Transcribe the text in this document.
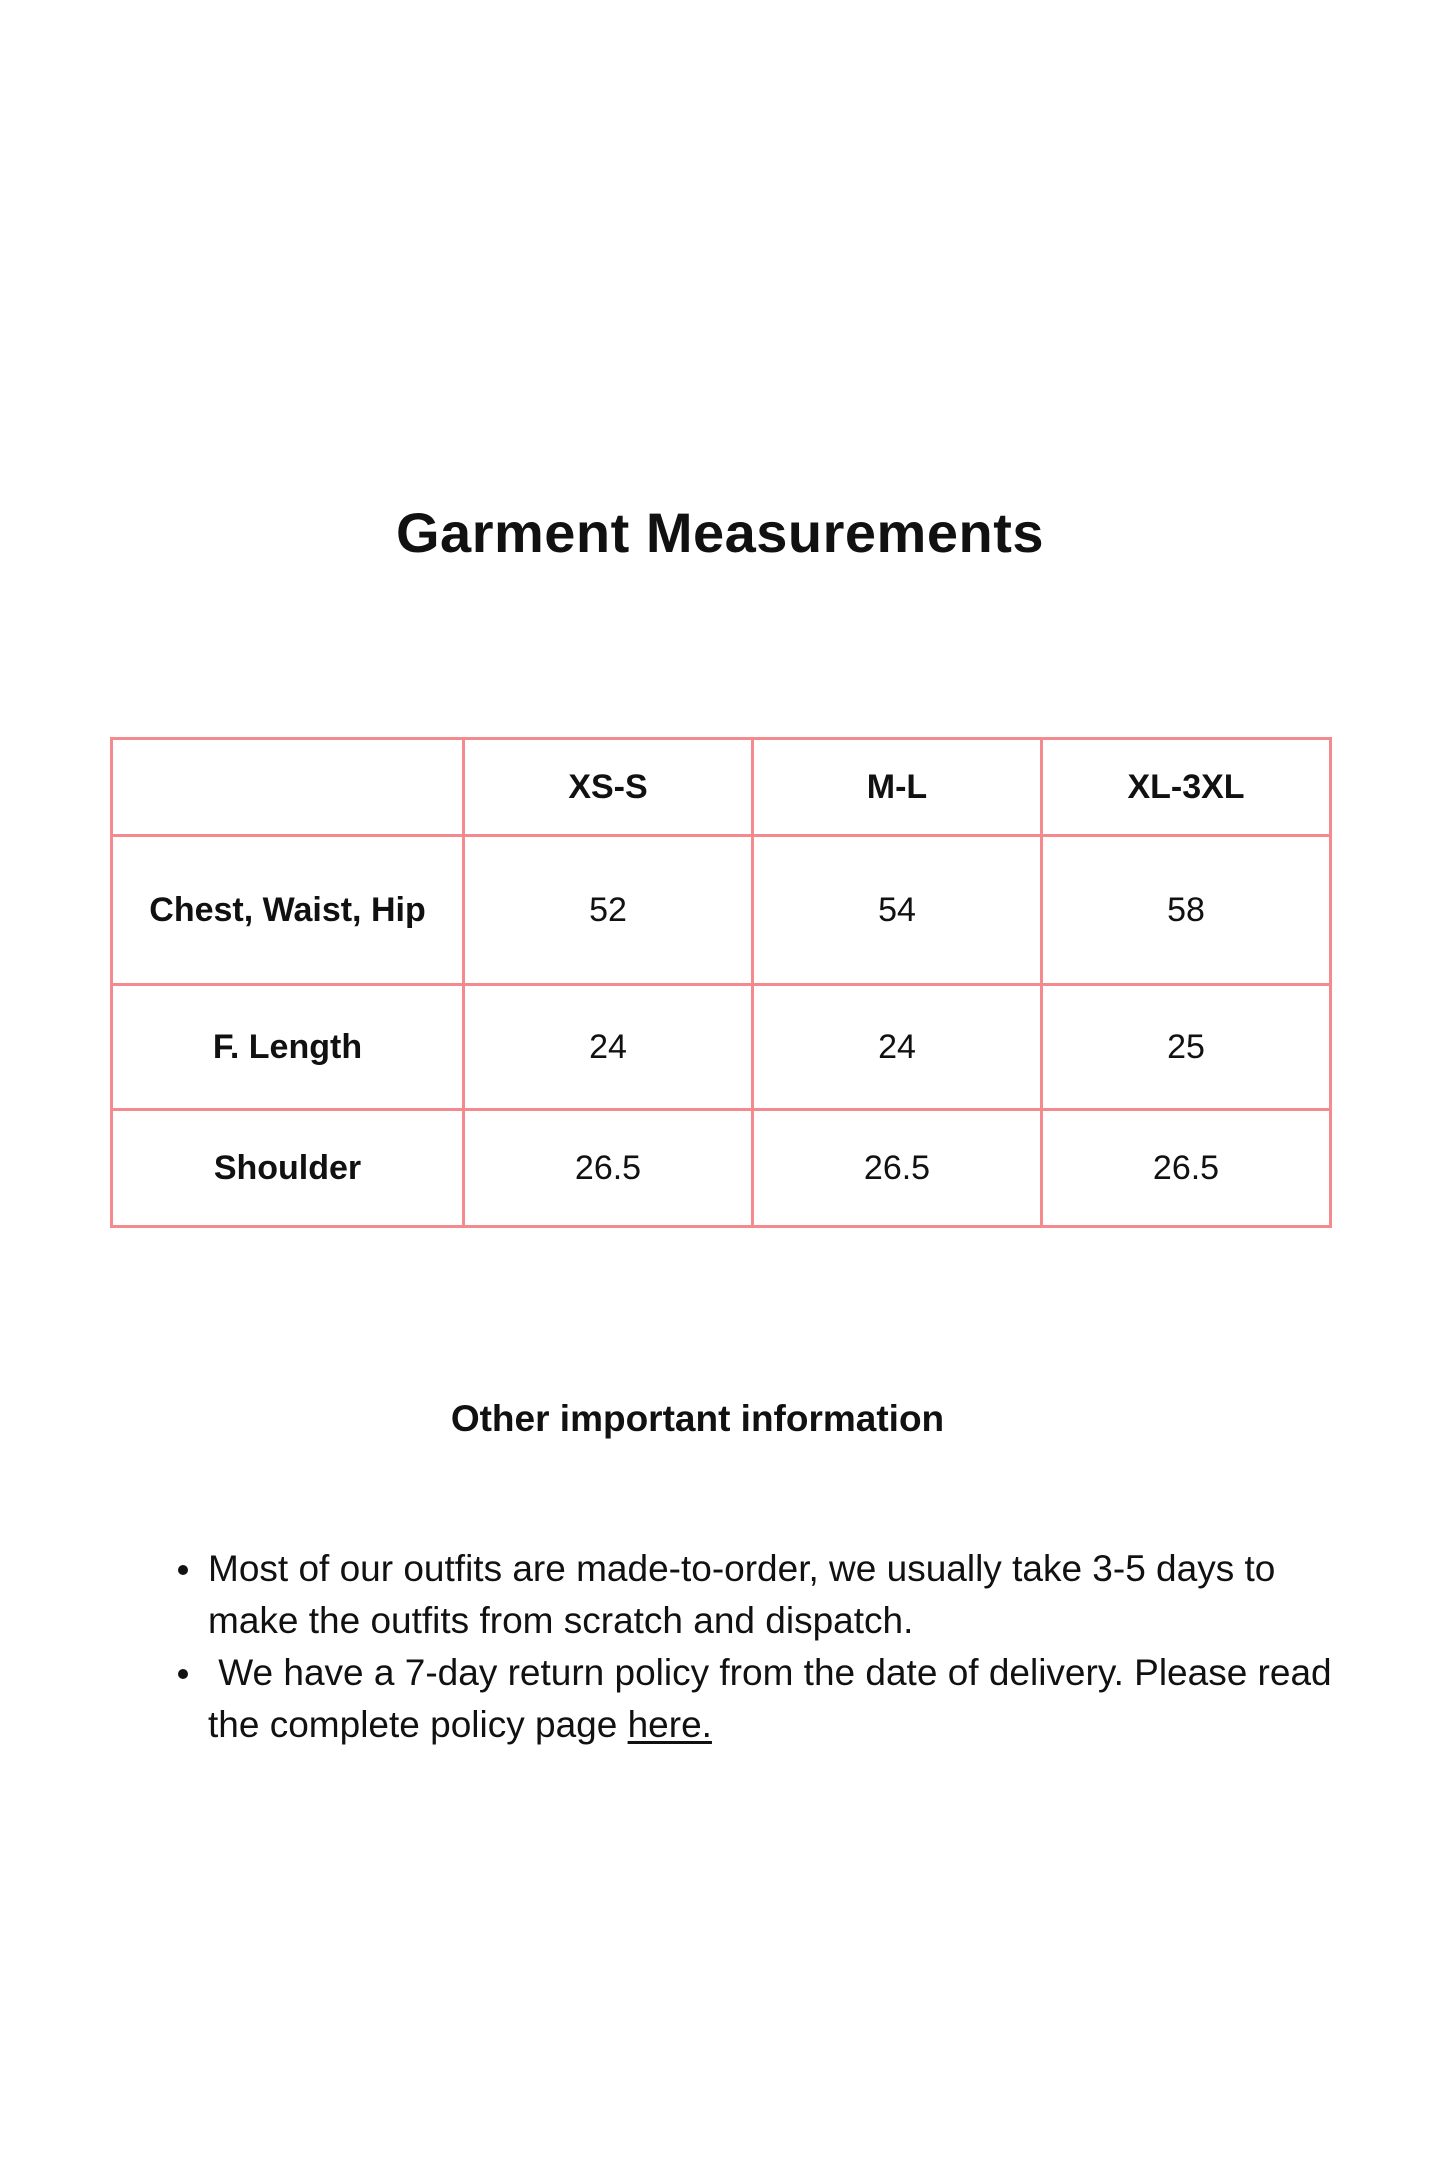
Garment Measurements
	XS-S	M-L	XL-3XL
Chest, Waist, Hip	52	54	58
F. Length	24	24	25
Shoulder	26.5	26.5	26.5
Other important information
Most of our outfits are made-to-order, we usually take 3-5 days to make the outfits from scratch and dispatch.
We have a 7-day return policy from the date of delivery. Please read the complete policy page here.
